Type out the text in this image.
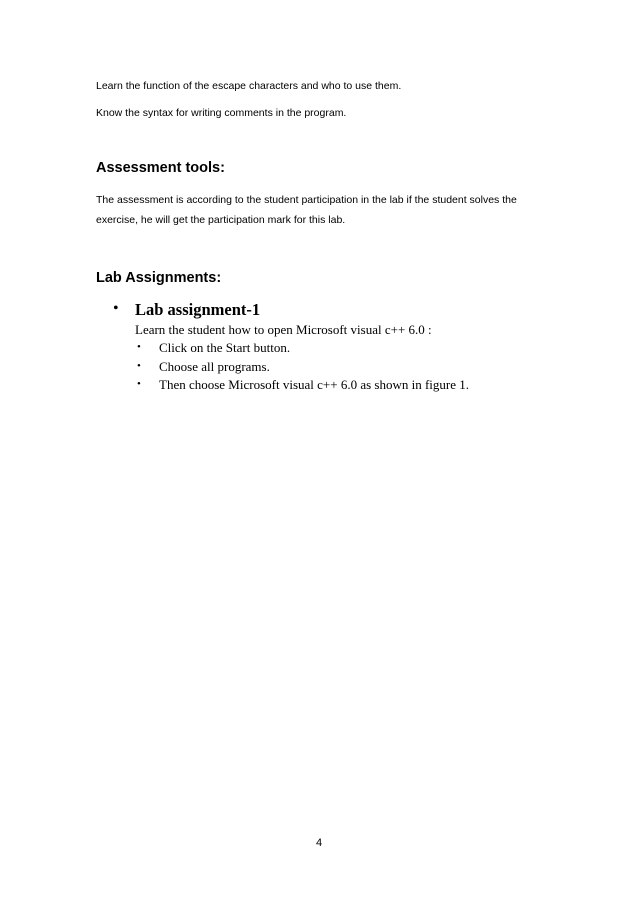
Learn the function of the escape characters and who to use them.
Know the syntax for writing comments in the program.
Assessment tools:
The assessment is according to the student participation in the lab if the student solves the exercise, he will get the participation mark for this lab.
Lab Assignments:
• Lab assignment-1
Learn the student how to open Microsoft visual c++ 6.0 :
• Click on the Start button.
• Choose all programs.
• Then choose Microsoft visual c++ 6.0 as shown in figure 1.
4
